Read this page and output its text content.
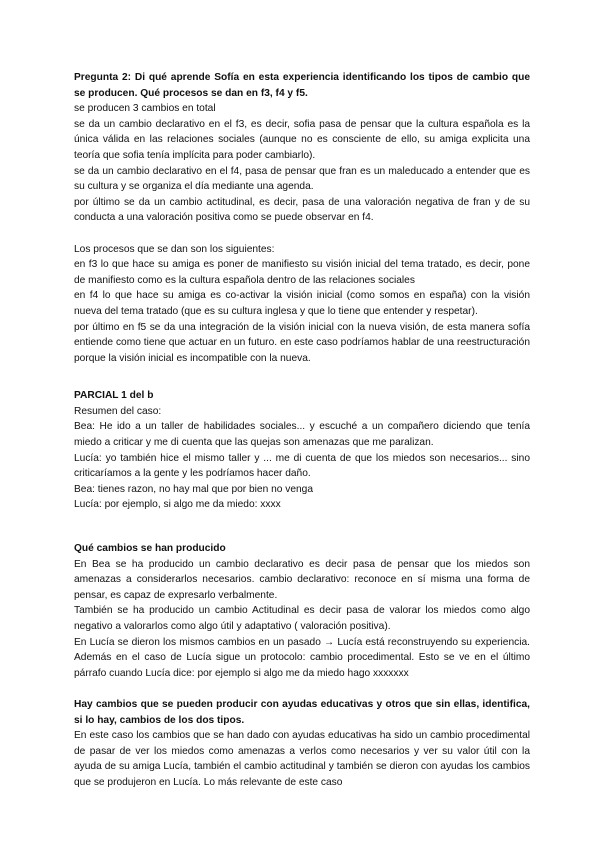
Pregunta 2: Di qué aprende Sofía en esta experiencia identificando los tipos de cambio que se producen. Qué procesos se dan en f3, f4 y f5.

se producen 3 cambios en total

se da un cambio declarativo en el f3, es decir, sofia pasa de pensar que la cultura española es la única válida en las relaciones sociales (aunque no es consciente de ello, su amiga explicita una teoría que sofia tenía implícita para poder cambiarlo).

se da un cambio declarativo en el f4, pasa de pensar que fran es un maleducado a entender que es su cultura y se organiza el día mediante una agenda.

por último se da un cambio actitudinal, es decir, pasa de una valoración negativa de fran y de su conducta a una valoración positiva como se puede observar en f4.

Los procesos que se dan son los siguientes:

en f3 lo que hace su amiga es poner de manifiesto su visión inicial del tema tratado, es decir, pone de manifiesto como es la cultura española dentro de las relaciones sociales

en f4 lo que hace su amiga es co-activar la visión inicial (como somos en españa) con la visión nueva del tema tratado (que es su cultura inglesa y que lo tiene que entender y respetar).

por último en f5 se da una integración de la visión inicial con la nueva visión, de esta manera sofía entiende como tiene que actuar en un futuro. en este caso podríamos hablar de una reestructuración porque la visión inicial es incompatible con la nueva.

PARCIAL 1 del b

Resumen del caso:

Bea: He ido a un taller de habilidades sociales... y escuché a un compañero diciendo que tenía miedo a criticar y me di cuenta que las quejas son amenazas que me paralizan.

Lucía: yo también hice el mismo taller y ... me di cuenta de que los miedos son necesarios... sino criticaríamos a la gente y les podríamos hacer daño.

Bea: tienes razon, no hay mal que por bien no venga

Lucía: por ejemplo, si algo me da miedo: xxxx

Qué cambios se han producido

En Bea se ha producido un cambio declarativo es decir pasa de pensar que los miedos son amenazas a considerarlos necesarios. cambio declarativo: reconoce en sí misma una forma de pensar, es capaz de expresarlo verbalmente.

También se ha producido un cambio Actitudinal es decir pasa de valorar los miedos como algo negativo a valorarlos como algo útil y adaptativo ( valoración positiva).

En Lucía se dieron los mismos cambios en un pasado → Lucía está reconstruyendo su experiencia. Además en el caso de Lucía sigue un protocolo: cambio procedimental. Esto se ve en el último párrafo cuando Lucía dice: por ejemplo si algo me da miedo hago xxxxxxx

Hay cambios que se pueden producir con ayudas educativas y otros que sin ellas, identifica, si lo hay, cambios de los dos tipos.

En este caso los cambios que se han dado con ayudas educativas ha sido un cambio procedimental de pasar de ver los miedos como amenazas a verlos como necesarios y ver su valor útil con la ayuda de su amiga Lucía, también el cambio actitudinal y también se dieron con ayudas los cambios que se produjeron en Lucía. Lo más relevante de este caso
